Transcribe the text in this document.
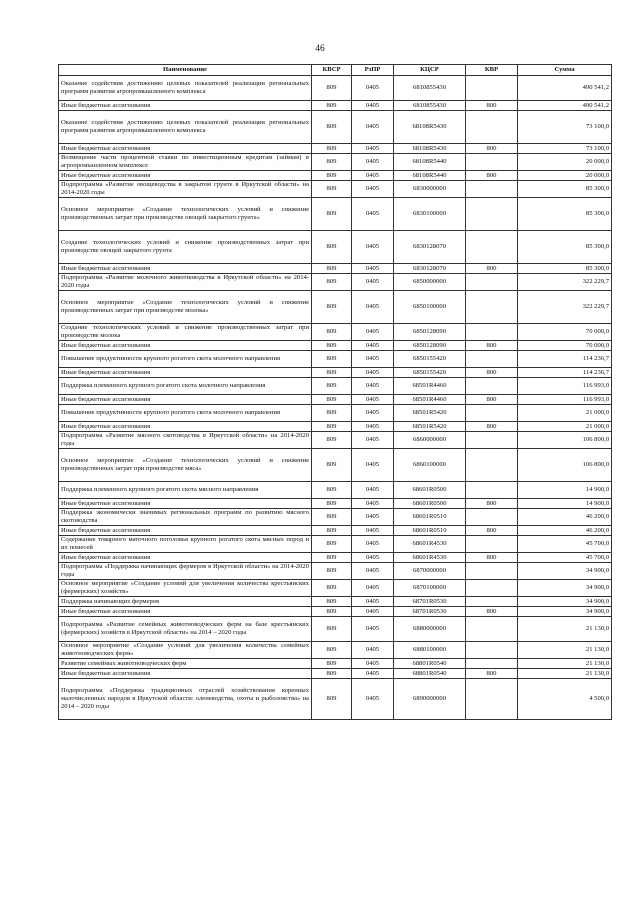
46
Наименование	КВСР	РзПР	КЦСР	КВР	Сумма
Оказание содействия достижению целевых показателей реализации региональных программ развития агропромышленного комплекса	809	0405	6810855430		490 541,2
Иные бюджетные ассигнования	809	0405	6810855430	800	490 541,2
Оказание содействия достижению целевых показателей реализации региональных программ развития агропромышленного комплекса	809	0405	68108R5430		73 100,0
Иные бюджетные ассигнования	809	0405	68108R5430	800	73 100,0
Возмещение части процентной ставки по инвестиционным кредитам (займам) в агропромышленном комплексе	809	0405	68108R5440		20 000,0
Иные бюджетные ассигнования	809	0405	68108R5440	800	20 000,0
Подпрограмма «Развитие овощеводства в закрытом грунте в Иркутской области» на 2014-2020 годы	809	0405	6830000000		85 300,0
Основное мероприятие «Создание технологических условий и снижение производственных затрат при производстве овощей закрытого грунта»	809	0405	6830100000		85 300,0
Создание технологических условий и снижение производственных затрат при производстве овощей закрытого грунта	809	0405	6830128070		85 300,0
Иные бюджетные ассигнования	809	0405	6830128070	800	85 300,0
Подпрограмма «Развитие молочного животноводства в Иркутской области» на 2014-2020 годы	809	0405	6850000000		322 229,7
Основное мероприятие «Создание технологических условий и снижение производственных затрат при производстве молока»	809	0405	6850100000		322 229,7
Создание технологических условий и снижение производственных затрат при производстве молока	809	0405	6850128090		70 000,0
Иные бюджетные ассигнования	809	0405	6850128090	800	70 000,0
Повышение продуктивности крупного рогатого скота молочного направления	809	0405	6850155420		114 236,7
Иные бюджетные ассигнования	809	0405	6850155420	800	114 236,7
Поддержка племенного крупного рогатого скота молочного направления	809	0405	68501R4460		116 993,0
Иные бюджетные ассигнования	809	0405	68501R4460	800	116 993,0
Повышение продуктивности крупного рогатого скота молочного направления	809	0405	68501R5420		21 000,0
Иные бюджетные ассигнования	809	0405	68501R5420	800	21 000,0
Подпрограмма «Развитие мясного скотоводства в Иркутской области» на 2014-2020 годы	809	0405	6860000000		106 800,0
Основное мероприятие «Создание технологических условий и снижение производственных затрат при производстве мяса»	809	0405	6860100000		106 800,0
Поддержка племенного крупного рогатого скота мясного направления	809	0405	68601R0500		14 900,0
Иные бюджетные ассигнования	809	0405	68601R0500	800	14 900,0
Поддержка экономически значимых региональных программ по развитию мясного скотоводства	809	0405	68601R0510		46 200,0
Иные бюджетные ассигнования	809	0405	68601R0510	800	46 200,0
Содержание товарного маточного поголовья крупного рогатого скота мясных пород и их помесей	809	0405	68601R4530		45 700,0
Иные бюджетные ассигнования	809	0405	68601R4530	800	45 700,0
Подпрограмма «Поддержка начинающих фермеров в Иркутской области» на 2014-2020 годы	809	0405	6870000000		34 900,0
Основное мероприятие «Создание условий для увеличения количества крестьянских (фермерских) хозяйств»	809	0405	6870100000		34 900,0
Поддержка начинающих фермеров	809	0405	68701R0530		34 900,0
Иные бюджетные ассигнования	809	0405	68701R0530	800	34 900,0
Подпрограмма «Развитие семейных животноводческих ферм на базе крестьянских (фермерских) хозяйств в Иркутской области» на 2014 – 2020 годы	809	0405	6880000000		21 130,0
Основное мероприятие «Создание условий для увеличения количества семейных животноводческих ферм»	809	0405	6880100000		21 130,0
Развитие семейных животноводческих ферм	809	0405	68801R0540		21 130,0
Иные бюджетные ассигнования	809	0405	68801R0540	800	21 130,0
Подпрограмма «Поддержка традиционных отраслей хозяйствования коренных малочисленных народов в Иркутской области: оленеводства, охоты и рыболовства» на 2014 – 2020 годы	809	0405	6890000000		4 500,0
